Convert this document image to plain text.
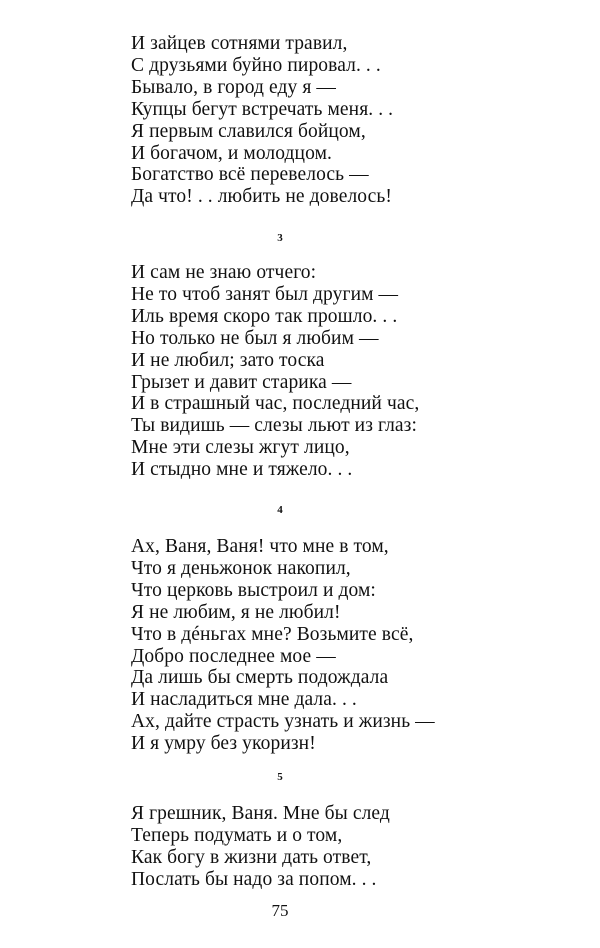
И зайцев сотнями травил,
С друзьями буйно пировал. . .
Бывало, в город еду я —
Купцы бегут встречать меня. . .
Я первым славился бойцом,
И богачом, и молодцом.
Богатство всё перевелось —
Да что! . . любить не довелось!
3
И сам не знаю отчего:
Не то чтоб занят был другим —
Иль время скоро так прошло. . .
Но только не был я любим —
И не любил; зато тоска
Грызет и давит старика —
И в страшный час, последний час,
Ты видишь — слезы льют из глаз:
Мне эти слезы жгут лицо,
И стыдно мне и тяжело. . .
4
Ах, Ваня, Ваня! что мне в том,
Что я деньжонок накопил,
Что церковь выстроил и дом:
Я не любим, я не любил!
Что в дéньгах мне? Возьмите всё,
Добро последнее мое —
Да лишь бы смерть подождала
И насладиться мне дала. . .
Ах, дайте страсть узнать и жизнь —
И я умру без укоризн!
5
Я грешник, Ваня. Мне бы след
Теперь подумать и о том,
Как богу в жизни дать ответ,
Послать бы надо за попом. . .
75
